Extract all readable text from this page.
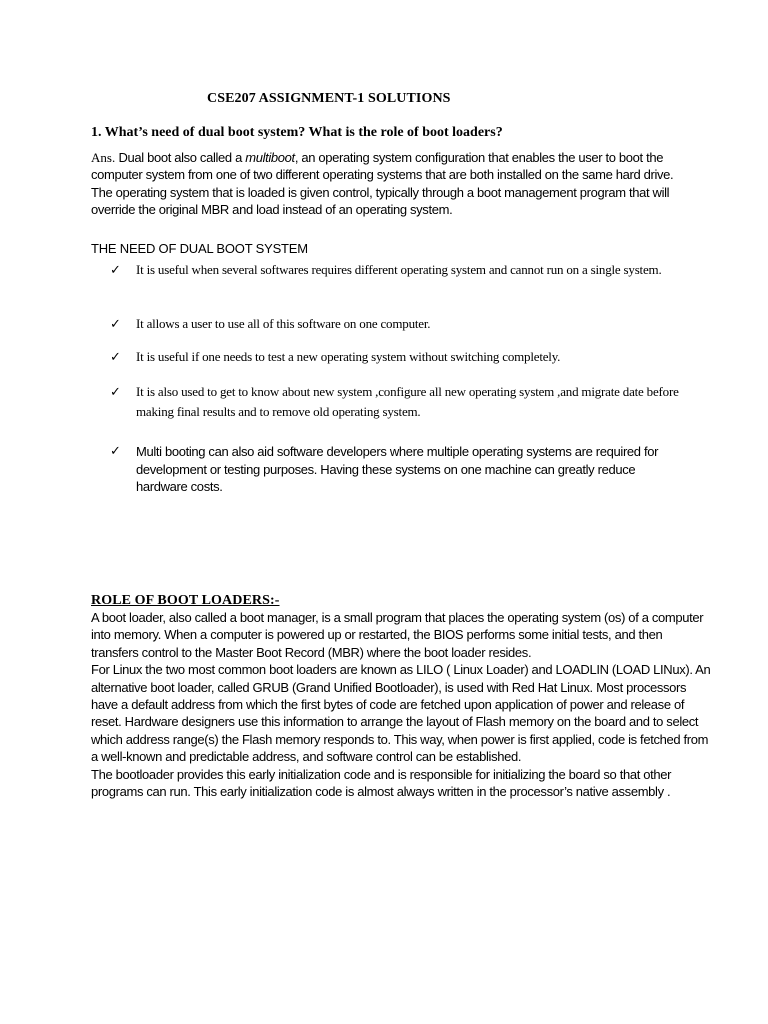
CSE207 ASSIGNMENT-1 SOLUTIONS
1. What’s need of dual boot system? What is the role of boot loaders?
Ans. Dual boot also called a multiboot, an operating system configuration that enables the user to boot the computer system from one of two different operating systems that are both installed on the same hard drive. The operating system that is loaded is given control, typically through a boot management program that will override the original MBR and load instead of an operating system.
THE NEED OF DUAL BOOT SYSTEM
✓ It is useful when several softwares requires different operating system and cannot run on a single system.
✓ It allows a user to use all of this software on one computer.
✓ It is useful if one needs to test a new operating system without switching completely.
✓ It is also used to get to know about new system ,configure all new operating system ,and migrate date before making final results and to remove old operating system.
✓ Multi booting can also aid software developers where multiple operating systems are required for development or testing purposes. Having these systems on one machine can greatly reduce hardware costs.
ROLE OF BOOT LOADERS:-

A boot loader, also called a boot manager, is a small program that places the operating system (os) of a computer into memory. When a computer is powered up or restarted, the BIOS performs some initial tests, and then transfers control to the Master Boot Record (MBR) where the boot loader resides.

For Linux the two most common boot loaders are known as LILO ( Linux Loader) and LOADLIN (LOAD LINux). An alternative boot loader, called GRUB (Grand Unified Bootloader), is used with Red Hat Linux. Most processors have a default address from which the first bytes of code are fetched upon application of power and release of reset. Hardware designers use this information to arrange the layout of Flash memory on the board and to select which address range(s) the Flash memory responds to. This way, when power is first applied, code is fetched from a well-known and predictable address, and software control can be established.

The bootloader provides this early initialization code and is responsible for initializing the board so that other programs can run. This early initialization code is almost always written in the processor’s native assembly .
